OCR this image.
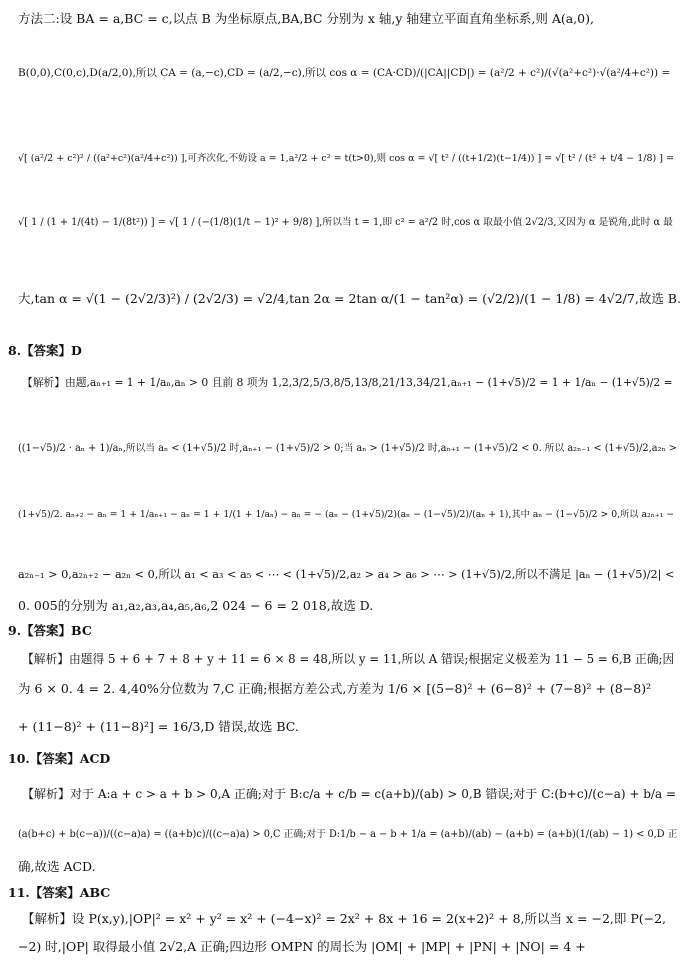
方法二:设 BA = a,BC = c,以点 B 为坐标原点,BA,BC 分别为 x 轴,y 轴建立平面直角坐标系,则 A(a,0),
B(0,0),C(0,c),D(a/2,0),所以 CA = (a,−c),CD = (a/2,−c),所以 cos α = (CA·CD)/(|CA||CD|) = (a²/2 + c²)/(√(a²+c²)·√(a²/4+c²)) =
√[ (a²/2 + c²)² / ((a²+c²)(a²/4+c²)) ],可齐次化,不妨设 a = 1,a²/2 + c² = t(t>0),则 cos α = √[ t² / ((t+1/2)(t−1/4)) ] = √[ t² / (t² + t/4 − 1/8) ] =
√[ 1 / (1 + 1/(4t) − 1/(8t²)) ] = √[ 1 / (−(1/8)(1/t − 1)² + 9/8) ],所以当 t = 1,即 c² = a²/2 时,cos α 取最小值 2√2/3,又因为 α 是锐角,此时 α 最
大,tan α = √(1 − (2√2/3)²) / (2√2/3) = √2/4,tan 2α = 2tan α/(1 − tan²α) = (√2/2)/(1 − 1/8) = 4√2/7,故选 B.
8.【答案】D
【解析】由题,aₙ₊₁ = 1 + 1/aₙ,aₙ > 0 且前 8 项为 1,2,3/2,5/3,8/5,13/8,21/13,34/21,aₙ₊₁ − (1+√5)/2 = 1 + 1/aₙ − (1+√5)/2 =
((1−√5)/2 · aₙ + 1)/aₙ,所以当 aₙ < (1+√5)/2 时,aₙ₊₁ − (1+√5)/2 > 0;当 aₙ > (1+√5)/2 时,aₙ₊₁ − (1+√5)/2 < 0. 所以 a₂ₙ₋₁ < (1+√5)/2,a₂ₙ >
(1+√5)/2. aₙ₊₂ − aₙ = 1 + 1/aₙ₊₁ − aₙ = 1 + 1/(1 + 1/aₙ) − aₙ = − (aₙ − (1+√5)/2)(aₙ − (1−√5)/2)/(aₙ + 1),其中 aₙ − (1−√5)/2 > 0,所以 a₂ₙ₊₁ −
a₂ₙ₋₁ > 0,a₂ₙ₊₂ − a₂ₙ < 0,所以 a₁ < a₃ < a₅ < ⋯ < (1+√5)/2,a₂ > a₄ > a₆ > ⋯ > (1+√5)/2,所以不满足 |aₙ − (1+√5)/2| <
0. 005的分别为 a₁,a₂,a₃,a₄,a₅,a₆,2 024 − 6 = 2 018,故选 D.
9.【答案】BC
【解析】由题得 5 + 6 + 7 + 8 + y + 11 = 6 × 8 = 48,所以 y = 11,所以 A 错误;根据定义极差为 11 − 5 = 6,B 正确;因
为 6 × 0. 4 = 2. 4,40%分位数为 7,C 正确;根据方差公式,方差为 1/6 × [(5−8)² + (6−8)² + (7−8)² + (8−8)²
+ (11−8)² + (11−8)²] = 16/3,D 错误,故选 BC.
10.【答案】ACD
【解析】对于 A:a + c > a + b > 0,A 正确;对于 B:c/a + c/b = c(a+b)/(ab) > 0,B 错误;对于 C:(b+c)/(c−a) + b/a =
(a(b+c) + b(c−a))/((c−a)a) = ((a+b)c)/((c−a)a) > 0,C 正确;对于 D:1/b − a − b + 1/a = (a+b)/(ab) − (a+b) = (a+b)(1/(ab) − 1) < 0,D 正
确,故选 ACD.
11.【答案】ABC
【解析】设 P(x,y),|OP|² = x² + y² = x² + (−4−x)² = 2x² + 8x + 16 = 2(x+2)² + 8,所以当 x = −2,即 P(−2,
−2) 时,|OP| 取得最小值 2√2,A 正确;四边形 OMPN 的周长为 |OM| + |MP| + |PN| + |NO| = 4 +
